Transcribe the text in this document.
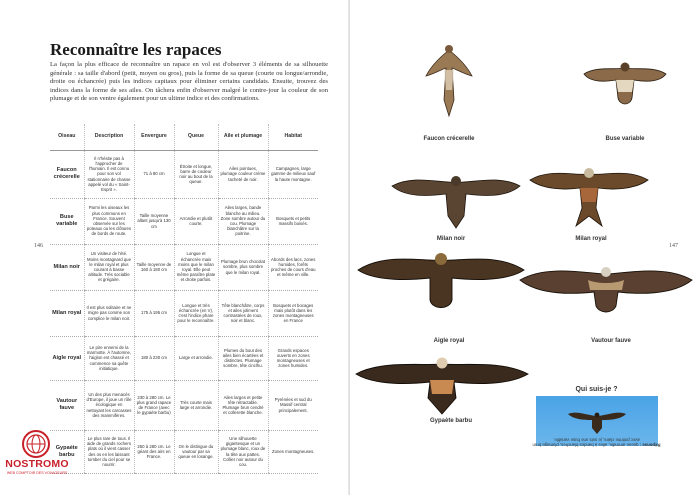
Reconnaître les rapaces

La façon la plus efficace de reconnaître un rapace en vol est d'observer 3 éléments de sa silhouette générale : sa taille d'abord (petit, moyen ou gros), puis la forme de sa queue (courte ou longue/arrondie, droite ou échancrée) puis les indices capitaux pour éliminer certains candidats. Ensuite, trouvez des indices dans la forme de ses ailes. On tâchera enfin d'observer malgré le contre-jour la couleur de son plumage et de son ventre également pour un ultime indice et des confirmations.

146
Oiseau	Description	Envergure	Queue	Aile et plumage	Habitat
Faucon crécerelle	Il n'hésite pas à l'approcher de l'humain. Il est connu pour son vol stationnaire de chasse appelé vol du « Saint-Esprit ».	71 à 80 cm	Étroite et longue, barre de couleur noir au bout de la queue.	Ailes pointues, plumage couleur crème tacheté de noir.	Campagnes, large gamme de milieux sauf la haute montagne.
Buse variable	Parmi les oiseaux les plus communs en France. Souvent observée sur les poteaux ou les clôtures de bords de route.	Taille moyenne allant jusqu'à 130 cm	Arrondie et plutôt courte.	Ailes larges, bande blanche au milieu. Zone sombre autour du cou. Plumage blanchâtre sur la poitrine.	Bosquets et petits massifs boisés.
Milan noir	Un visiteur de l'été. Moins montagnard que le milan royal et plus courant à basse altitude. Très sociable et grégaire.	Taille moyenne de 160 à 180 cm	Longue et échancrée mais moins que le milan royal. Elle peut même paraître plate et droite parfois.	Plumage brun chocolat sombre, plus sombre que le milan royal.	Abords des lacs, zones humides, forêts proches de cours d'eau et même en ville.
Milan royal	Il est plus solitaire et ne migre pas comme son complice le milan noir.	175 à 195 cm	Longue et très échancrée (en V), c'est l'indice phare pour le reconnaître.	Tête blanchâtre, corps et ailes joliment contrastées de roux, noir et blanc.	Bosquets et bocages mais plutôt dans les zones montagneuses en France
Aigle royal	Le pire ennemi de la marmotte. À l'automne, l'aiglon est chassé et commence sa quête initiatique.	180 à 230 cm	Large et arrondie.	Plumes du bout des ailes bien écartées et distinctes. Plumage sombre, tête cinclhu.	Grands espaces ouverts en zones montagneuses et zones humides.
Vautour fauve	Un des plus menacés d'Europe, il joue un rôle écologique en nettoyant les carcasses des mammifères.	230 à 280 cm. Le plus grand rapace de France (avec le gypaète barbu)	Très courte mais large et arrondie.	Ailes larges et petite tête rétractable. Plumage brun cendré et collerette blanche.	Pyrénées et sud du Massif central principalement.
Gypaète barbu	Le plus rare de tous. Il aide de grands rochers plats où il vient casser des os en les laissant tomber du ciel pour se nourrir.	250 à 280 cm. Le géant des airs en France.	On le distingue du vautour par sa queue en losange.	Une silhouette gigantesque et un plumage blanc, roux de la tête aux pattes. Collier noir autour du cou.	Zones montagneuses.
NOSTROMO
WEB COMPTOIR DES VOYAGEURS
147
Faucon crécerelle	Buse variable
Milan noir	Milan royal
Aigle royal	Vautour fauve
Gypaète barbu
Qui suis-je ?
Réponse : queue arrondie, ailes à bandes blanches, plumage brun avec poitrine claire, je suis une buse variable.
